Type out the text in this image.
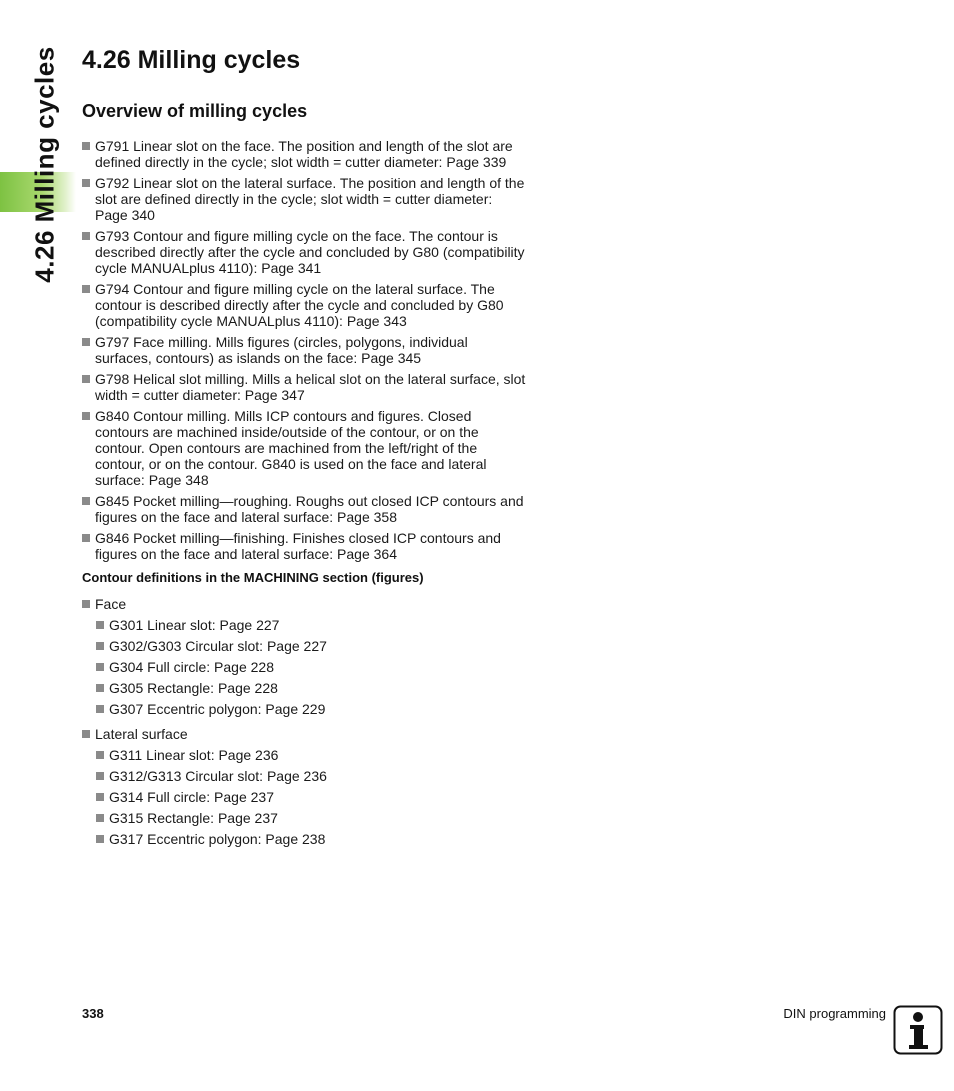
4.26 Milling cycles 4.26 Milling cycles
Overview of milling cycles
G791 Linear slot on the face. The position and length of the slot are defined directly in the cycle; slot width = cutter diameter: Page 339
G792 Linear slot on the lateral surface. The position and length of the slot are defined directly in the cycle; slot width = cutter diameter: Page 340
G793 Contour and figure milling cycle on the face. The contour is described directly after the cycle and concluded by G80 (compatibility cycle MANUALplus 4110): Page 341
G794 Contour and figure milling cycle on the lateral surface. The contour is described directly after the cycle and concluded by G80 (compatibility cycle MANUALplus 4110): Page 343
G797 Face milling. Mills figures (circles, polygons, individual surfaces, contours) as islands on the face: Page 345
G798 Helical slot milling. Mills a helical slot on the lateral surface, slot width = cutter diameter: Page 347
G840 Contour milling. Mills ICP contours and figures. Closed contours are machined inside/outside of the contour, or on the contour. Open contours are machined from the left/right of the contour, or on the contour. G840 is used on the face and lateral surface: Page 348
G845 Pocket milling—roughing. Roughs out closed ICP contours and figures on the face and lateral surface: Page 358
G846 Pocket milling—finishing. Finishes closed ICP contours and figures on the face and lateral surface: Page 364
Contour definitions in the MACHINING section (figures)
Face
G301 Linear slot: Page 227
G302/G303 Circular slot: Page 227
G304 Full circle: Page 228
G305 Rectangle: Page 228
G307 Eccentric polygon: Page 229
Lateral surface
G311 Linear slot: Page 236
G312/G313 Circular slot: Page 236
G314 Full circle: Page 237
G315 Rectangle: Page 237
G317 Eccentric polygon: Page 238
338	DIN programming
